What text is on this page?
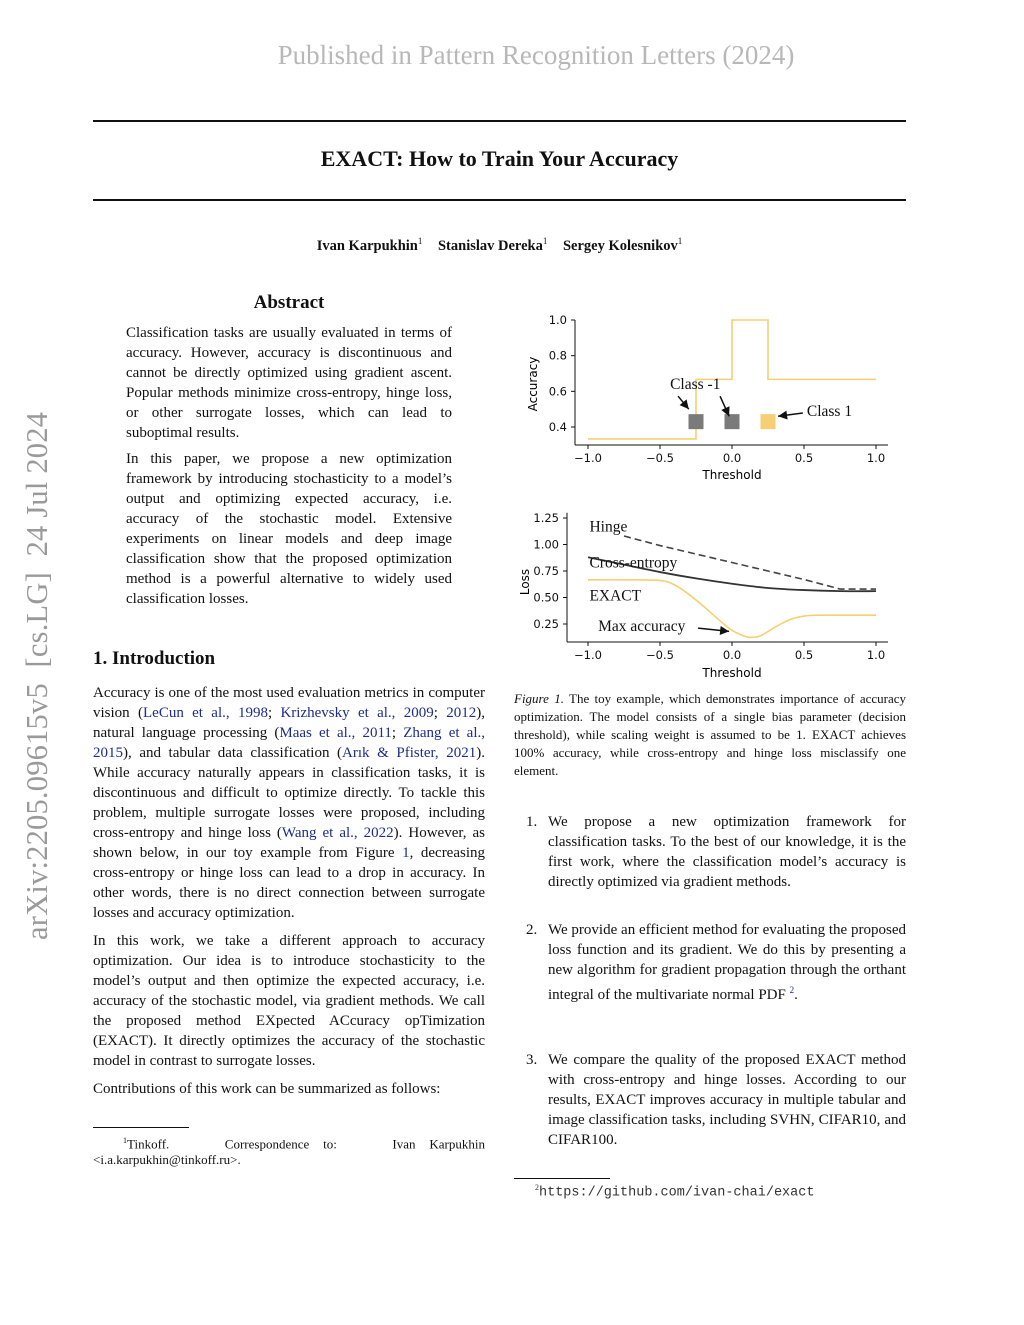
Published in Pattern Recognition Letters (2024)
EXACT: How to Train Your Accuracy
Ivan Karpukhin$^1$ Stanislav Dereka$^1$ Sergey Kolesnikov$^1$
arXiv:2205.09615v5  [cs.LG]  24 Jul 2024
Abstract

Classification tasks are usually evaluated in terms of accuracy. However, accuracy is discontinuous and cannot be directly optimized using gradient ascent. Popular methods minimize cross-entropy, hinge loss, or other surrogate losses, which can lead to suboptimal results.

In this paper, we propose a new optimization framework by introducing stochasticity to a model’s output and optimizing expected accuracy, i.e. accuracy of the stochastic model. Extensive experiments on linear models and deep image classification show that the proposed optimization method is a powerful alternative to widely used classification losses.

1. Introduction

Accuracy is one of the most used evaluation metrics in computer vision (LeCun et al., 1998; Krizhevsky et al., 2009; 2012), natural language processing (Maas et al., 2011; Zhang et al., 2015), and tabular data classification (Arık & Pfister, 2021). While accuracy naturally appears in classification tasks, it is discontinuous and difficult to optimize directly. To tackle this problem, multiple surrogate losses were proposed, including cross-entropy and hinge loss (Wang et al., 2022). However, as shown below, in our toy example from Figure 1, decreasing cross-entropy or hinge loss can lead to a drop in accuracy. In other words, there is no direct connection between surrogate losses and accuracy optimization.

In this work, we take a different approach to accuracy optimization. Our idea is to introduce stochasticity to the model’s output and then optimize the expected accuracy, i.e. accuracy of the stochastic model, via gradient methods. We call the proposed method EXpected ACcuracy opTimization (EXACT). It directly optimizes the accuracy of the stochastic model in contrast to surrogate losses.

Contributions of this work can be summarized as follows:

$^1$Tinkoff.    Correspondence to:    Ivan Karpukhin <i.a.karpukhin@tinkoff.ru>.
−1.0	−0.5	0.0	0.5	1.0
0.4
0.6
0.8
1.0
Class -1
Class 1
Threshold
Accuracy
−1.0	−0.5	0.0	0.5	1.0
0.25
0.50
0.75
1.00
1.25
Hinge
Cross-entropy
EXACT
Max accuracy
Threshold
Loss
Figure 1. The toy example, which demonstrates importance of accuracy optimization. The model consists of a single bias parameter (decision threshold), while scaling weight is assumed to be 1. EXACT achieves 100% accuracy, while cross-entropy and hinge loss misclassify one element.
1. We propose a new optimization framework for classification tasks. To the best of our knowledge, it is the first work, where the classification model’s accuracy is directly optimized via gradient methods.
2. We provide an efficient method for evaluating the proposed loss function and its gradient. We do this by presenting a new algorithm for gradient propagation through the orthant integral of the multivariate normal PDF $^2$.
3. We compare the quality of the proposed EXACT method with cross-entropy and hinge losses. According to our results, EXACT improves accuracy in multiple tabular and image classification tasks, including SVHN, CIFAR10, and CIFAR100.
$^2$https://github.com/ivan-chai/exact
